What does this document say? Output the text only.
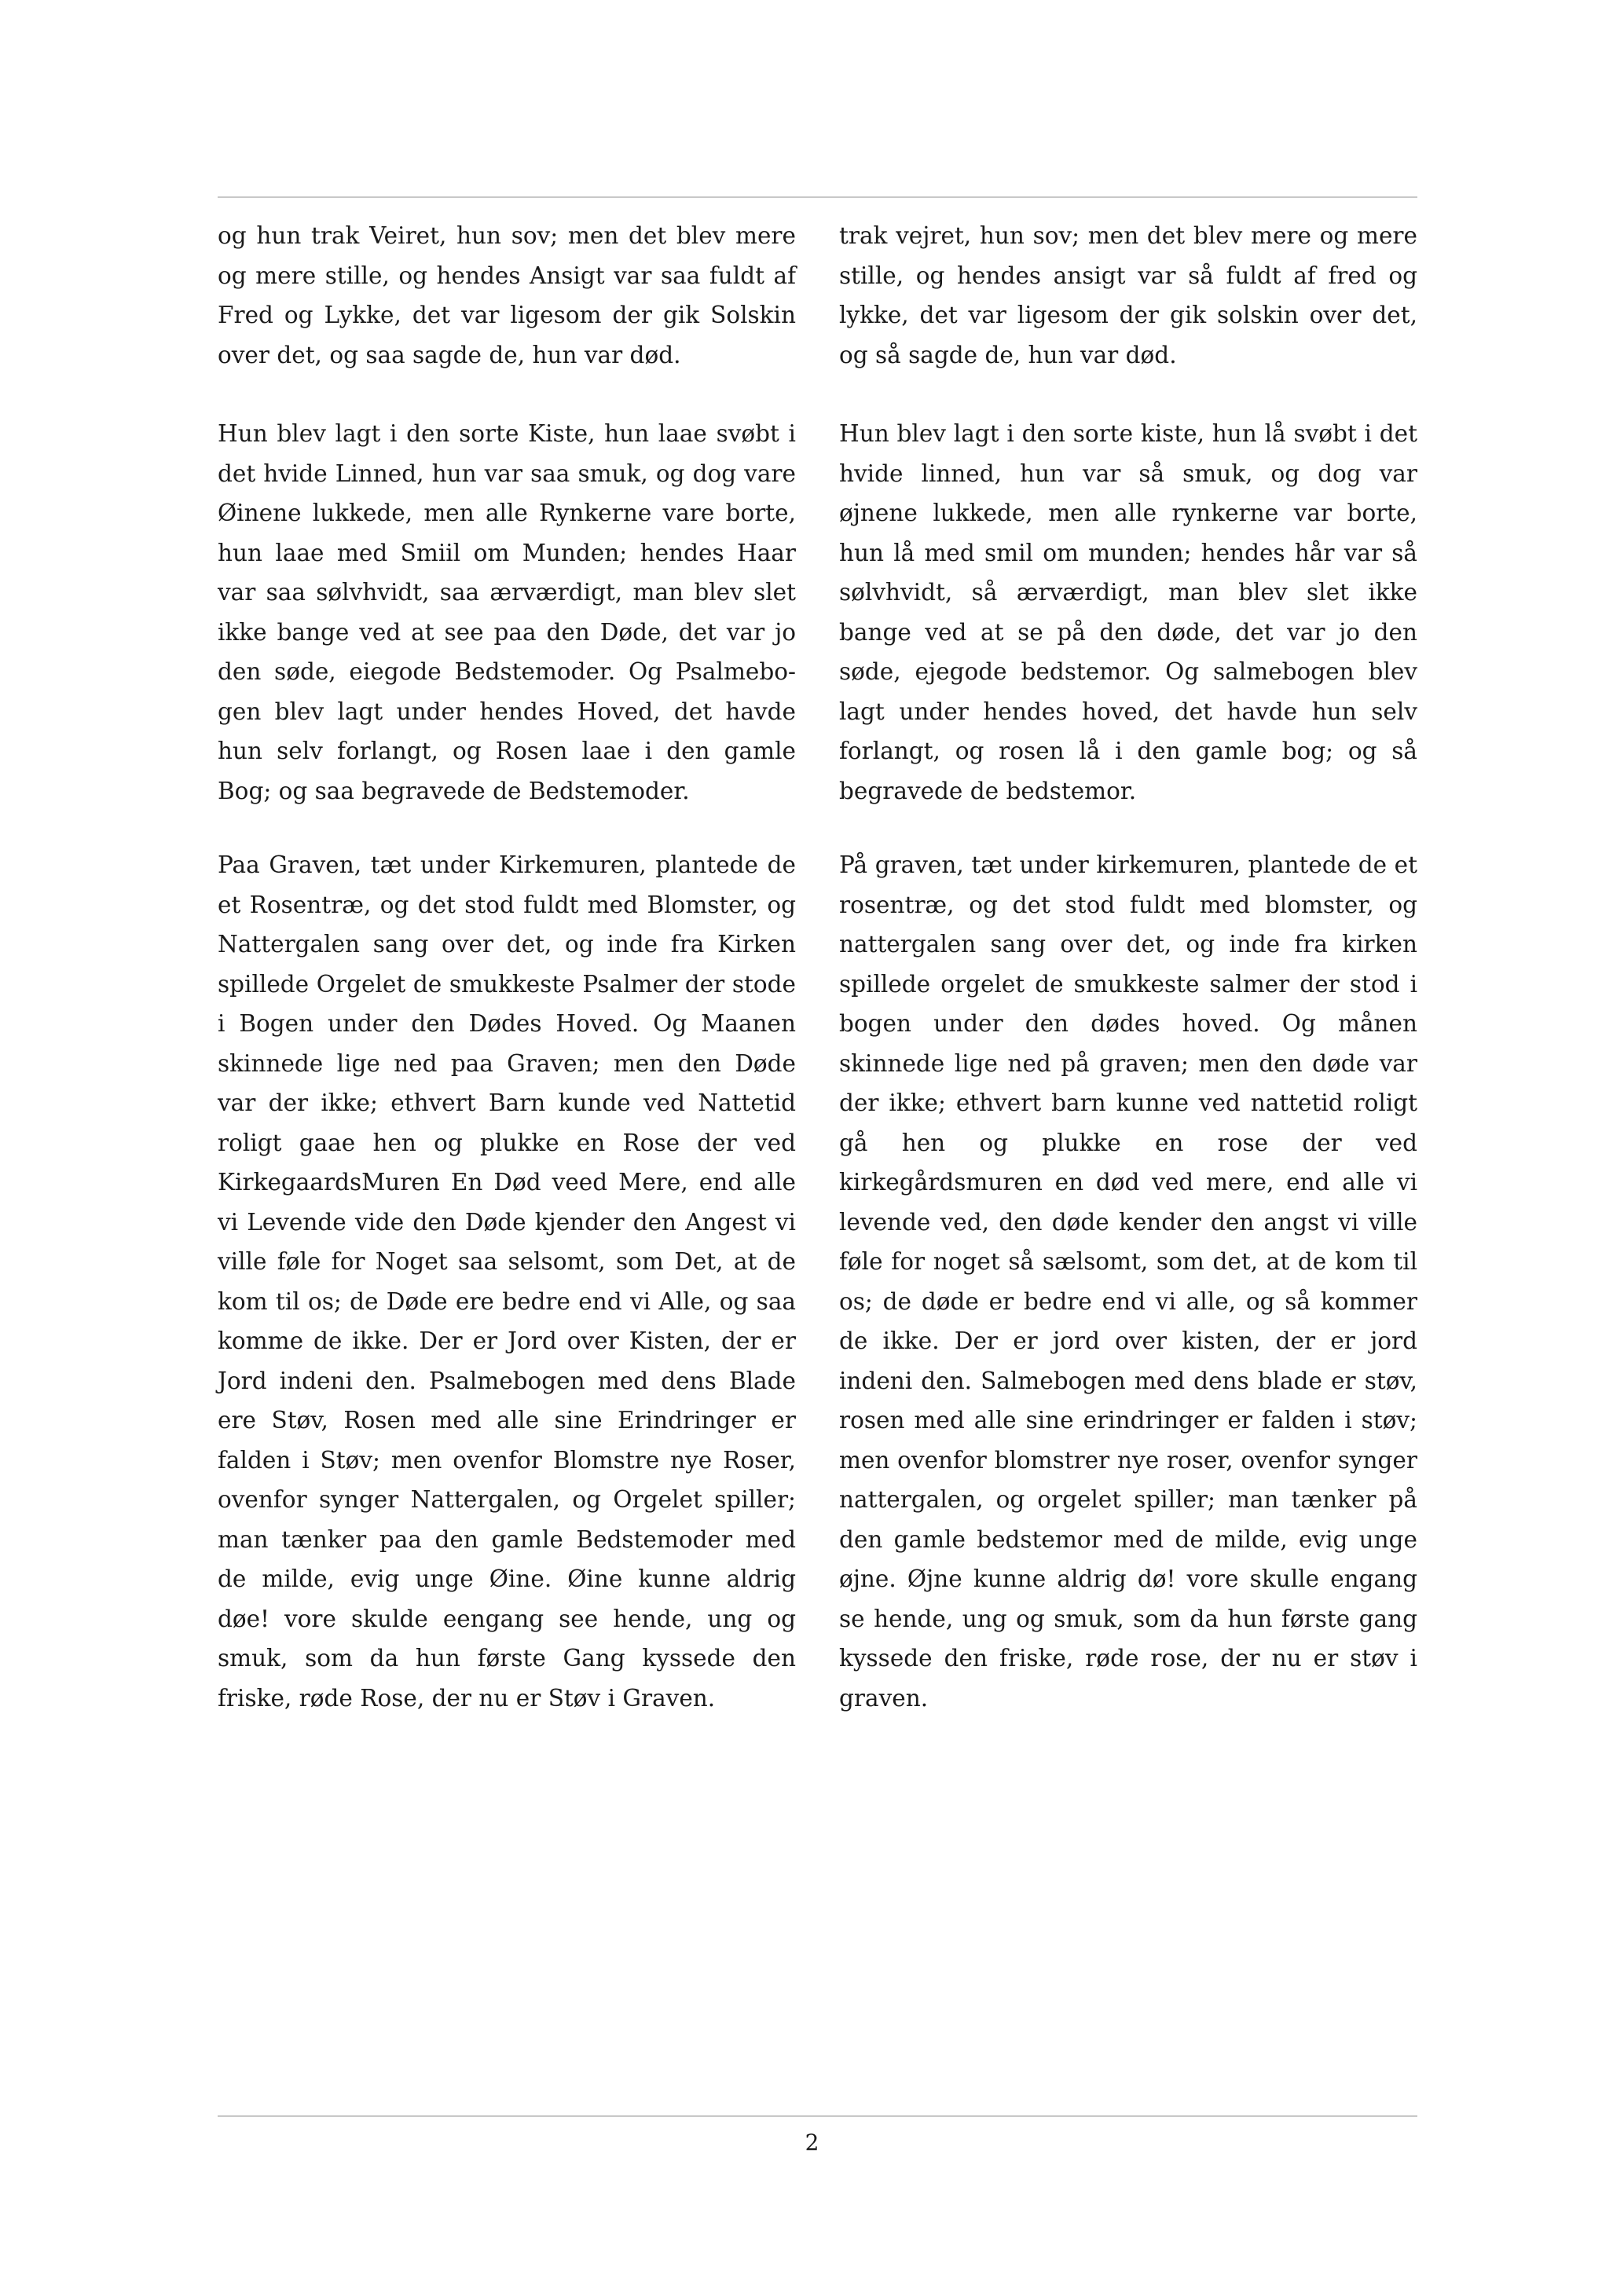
og hun trak Veiret, hun sov; men det blev mere og mere stille, og hendes Ansigt var saa fuldt af Fred og Lykke, det var ligesom der gik Solskin over det, og saa sagde de, hun var død.

Hun blev lagt i den sorte Kiste, hun laae svøbt i det hvide Linned, hun var saa smuk, og dog vare Øinene lukkede, men alle Rynkerne vare borte, hun laae med Smiil om Munden; hendes Haar var saa sølvhvidt, saa ærværdigt, man blev slet ikke bange ved at see paa den Døde, det var jo den søde, eiegode Bedstemoder. Og Psalmebogen blev lagt under hendes Hoved, det havde hun selv forlangt, og Rosen laae i den gamle Bog; og saa begravede de Bedstemoder.

Paa Graven, tæt under Kirkemuren, plantede de et Rosentræ, og det stod fuldt med Blomster, og Nattergalen sang over det, og inde fra Kirken spillede Orgelet de smukkeste Psalmer der stode i Bogen under den Dødes Hoved. Og Maanen skinnede lige ned paa Graven; men den Døde var der ikke; ethvert Barn kunde ved Nattetid roligt gaae hen og plukke en Rose der ved KirkegaardsMuren En Død veed Mere, end alle vi Levende vide den Døde kjender den Angest vi ville føle for Noget saa selsomt, som Det, at de kom til os; de Døde ere bedre end vi Alle, og saa komme de ikke. Der er Jord over Kisten, der er Jord indeni den. Psalmebogen med dens Blade ere Støv, Rosen med alle sine Erindringer er falden i Støv; men ovenfor Blomstre nye Roser, ovenfor synger Nattergalen, og Orgelet spiller; man tænker paa den gamle Bedstemoder med de milde, evig unge Øine. Øine kunne aldrig døe! vore skulde eengang see hende, ung og smuk, som da hun første Gang kyssede den friske, røde Rose, der nu er Støv i Graven.

trak vejret, hun sov; men det blev mere og mere stille, og hendes ansigt var så fuldt af fred og lykke, det var ligesom der gik solskin over det, og så sagde de, hun var død.

Hun blev lagt i den sorte kiste, hun lå svøbt i det hvide linned, hun var så smuk, og dog var øjnene lukkede, men alle rynkerne var borte, hun lå med smil om munden; hendes hår var så sølvhvidt, så ærværdigt, man blev slet ikke bange ved at se på den døde, det var jo den søde, ejegode bedstemor. Og salmebogen blev lagt under hendes hoved, det havde hun selv forlangt, og rosen lå i den gamle bog; og så begravede de bedstemor.

På graven, tæt under kirkemuren, plantede de et rosentræ, og det stod fuldt med blomster, og nattergalen sang over det, og inde fra kirken spillede orgelet de smukkeste salmer der stod i bogen under den dødes hoved. Og månen skinnede lige ned på graven; men den døde var der ikke; ethvert barn kunne ved nattetid roligt gå hen og plukke en rose der ved kirkegårdsmuren en død ved mere, end alle vi levende ved, den døde kender den angst vi ville føle for noget så sælsomt, som det, at de kom til os; de døde er bedre end vi alle, og så kommer de ikke. Der er jord over kisten, der er jord indeni den. Salmebogen med dens blade er støv, rosen med alle sine erindringer er falden i støv; men ovenfor blomstrer nye roser, ovenfor synger nattergalen, og orgelet spiller; man tænker på den gamle bedstemor med de milde, evig unge øjne. Øjne kunne aldrig dø! vore skulle engang se hende, ung og smuk, som da hun første gang kyssede den friske, røde rose, der nu er støv i graven.

2
